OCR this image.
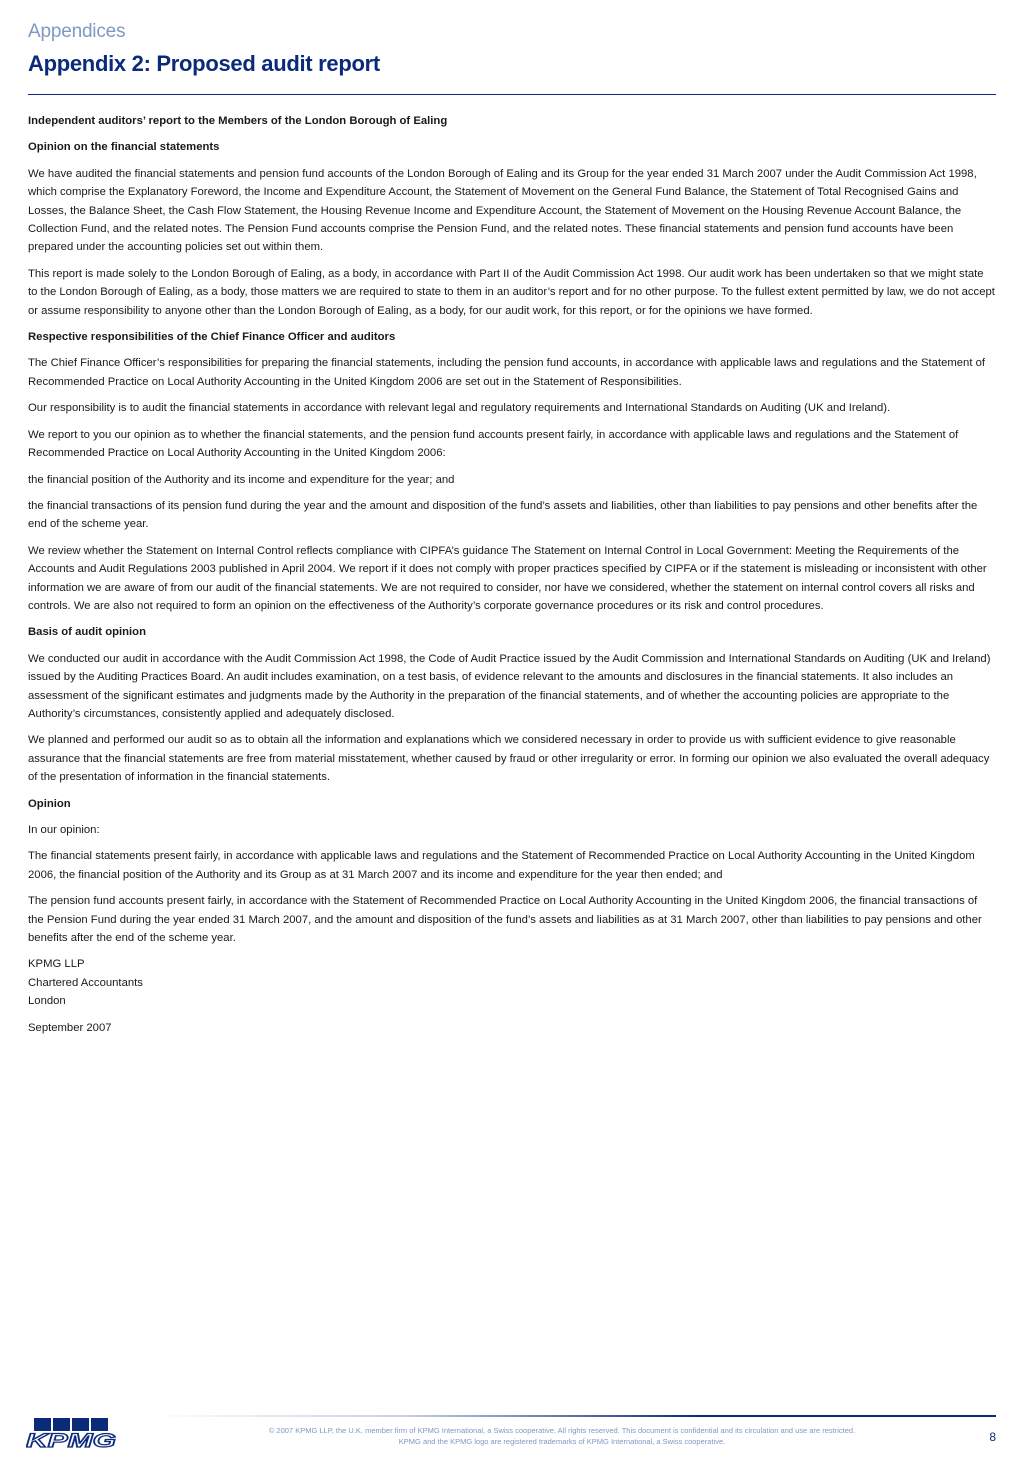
Appendices
Appendix 2: Proposed audit report

Independent auditors’ report to the Members of the London Borough of Ealing

Opinion on the financial statements

We have audited the financial statements and pension fund accounts of the London Borough of Ealing and its Group for the year ended 31 March 2007 under the Audit Commission Act 1998, which comprise the Explanatory Foreword, the Income and Expenditure Account, the Statement of Movement on the General Fund Balance, the Statement of Total Recognised Gains and Losses, the Balance Sheet, the Cash Flow Statement, the Housing Revenue Income and Expenditure Account, the Statement of Movement on the Housing Revenue Account Balance, the Collection Fund, and the related notes. The Pension Fund accounts comprise the Pension Fund, and the related notes. These financial statements and pension fund accounts have been prepared under the accounting policies set out within them.

This report is made solely to the London Borough of Ealing, as a body, in accordance with Part II of the Audit Commission Act 1998. Our audit work has been undertaken so that we might state to the London Borough of Ealing, as a body, those matters we are required to state to them in an auditor’s report and for no other purpose. To the fullest extent permitted by law, we do not accept or assume responsibility to anyone other than the London Borough of Ealing, as a body, for our audit work, for this report, or for the opinions we have formed.

Respective responsibilities of the Chief Finance Officer and auditors

The Chief Finance Officer’s responsibilities for preparing the financial statements, including the pension fund accounts, in accordance with applicable laws and regulations and the Statement of Recommended Practice on Local Authority Accounting in the United Kingdom 2006 are set out in the Statement of Responsibilities.

Our responsibility is to audit the financial statements in accordance with relevant legal and regulatory requirements and International Standards on Auditing (UK and Ireland).

We report to you our opinion as to whether the financial statements, and the pension fund accounts present fairly, in accordance with applicable laws and regulations and the Statement of Recommended Practice on Local Authority Accounting in the United Kingdom 2006:

the financial position of the Authority and its income and expenditure for the year; and

the financial transactions of its pension fund during the year and the amount and disposition of the fund’s assets and liabilities, other than liabilities to pay pensions and other benefits after the end of the scheme year.

We review whether the Statement on Internal Control reflects compliance with CIPFA’s guidance The Statement on Internal Control in Local Government: Meeting the Requirements of the Accounts and Audit Regulations 2003 published in April 2004. We report if it does not comply with proper practices specified by CIPFA or if the statement is misleading or inconsistent with other information we are aware of from our audit of the financial statements. We are not required to consider, nor have we considered, whether the statement on internal control covers all risks and controls. We are also not required to form an opinion on the effectiveness of the Authority’s corporate governance procedures or its risk and control procedures.

Basis of audit opinion

We conducted our audit in accordance with the Audit Commission Act 1998, the Code of Audit Practice issued by the Audit Commission and International Standards on Auditing (UK and Ireland) issued by the Auditing Practices Board. An audit includes examination, on a test basis, of evidence relevant to the amounts and disclosures in the financial statements. It also includes an assessment of the significant estimates and judgments made by the Authority in the preparation of the financial statements, and of whether the accounting policies are appropriate to the Authority’s circumstances, consistently applied and adequately disclosed.

We planned and performed our audit so as to obtain all the information and explanations which we considered necessary in order to provide us with sufficient evidence to give reasonable assurance that the financial statements are free from material misstatement, whether caused by fraud or other irregularity or error. In forming our opinion we also evaluated the overall adequacy of the presentation of information in the financial statements.

Opinion

In our opinion:

The financial statements present fairly, in accordance with applicable laws and regulations and the Statement of Recommended Practice on Local Authority Accounting in the United Kingdom 2006, the financial position of the Authority and its Group as at 31 March 2007 and its income and expenditure for the year then ended; and

The pension fund accounts present fairly, in accordance with the Statement of Recommended Practice on Local Authority Accounting in the United Kingdom 2006, the financial transactions of the Pension Fund during the year ended 31 March 2007, and the amount and disposition of the fund’s assets and liabilities as at 31 March 2007, other than liabilities to pay pensions and other benefits after the end of the scheme year.

KPMG LLP
Chartered Accountants
London

September 2007

KPMG
© 2007 KPMG LLP, the U.K. member firm of KPMG International, a Swiss cooperative. All rights reserved. This document is confidential and its circulation and use are restricted.
KPMG and the KPMG logo are registered trademarks of KPMG International, a Swiss cooperative.	8
